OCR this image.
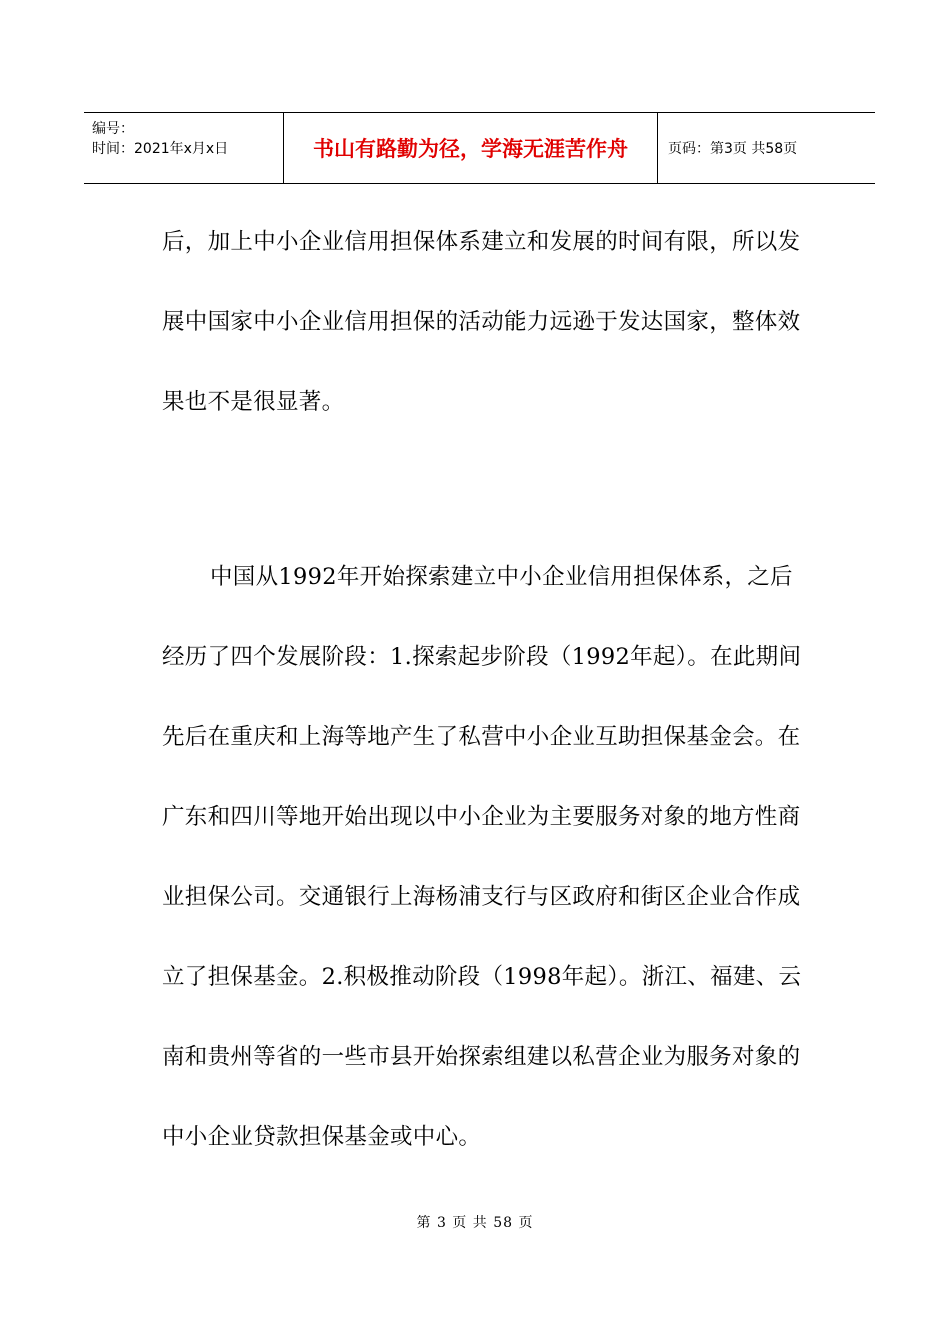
编号：
时间：2021年x月x日	书山有路勤为径，学海无涯苦作舟	页码：第3页 共58页
后，加上中小企业信用担保体系建立和发展的时间有限，所以发展中国家中小企业信用担保的活动能力远逊于发达国家，整体效果也不是很显著。
中国从1992年开始探索建立中小企业信用担保体系，之后经历了四个发展阶段：1.探索起步阶段（1992年起）。在此期间先后在重庆和上海等地产生了私营中小企业互助担保基金会。在广东和四川等地开始出现以中小企业为主要服务对象的地方性商业担保公司。交通银行上海杨浦支行与区政府和街区企业合作成立了担保基金。2.积极推动阶段（1998年起）。浙江、福建、云南和贵州等省的一些市县开始探索组建以私营企业为服务对象的中小企业贷款担保基金或中心。
第 3 页 共 58 页
